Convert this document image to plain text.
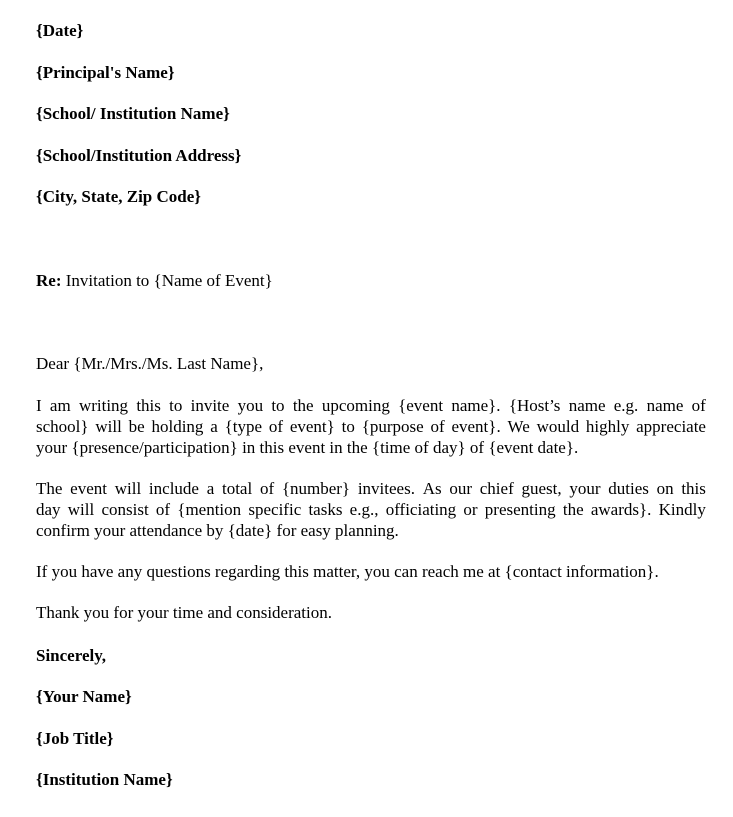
{Date}
{Principal's Name}
{School/ Institution Name}
{School/Institution Address}
{City, State, Zip Code}
Re: Invitation to {Name of Event}
Dear {Mr./Mrs./Ms. Last Name},
I am writing this to invite you to the upcoming {event name}. {Host’s name e.g. name of
school} will be holding a {type of event} to {purpose of event}. We would highly appreciate
your {presence/participation} in this event in the {time of day} of {event date}.
The event will include a total of {number} invitees. As our chief guest, your duties on this
day will consist of {mention specific tasks e.g., officiating or presenting the awards}. Kindly
confirm your attendance by {date} for easy planning.
If you have any questions regarding this matter, you can reach me at {contact information}.
Thank you for your time and consideration.
Sincerely,
{Your Name}
{Job Title}
{Institution Name}
